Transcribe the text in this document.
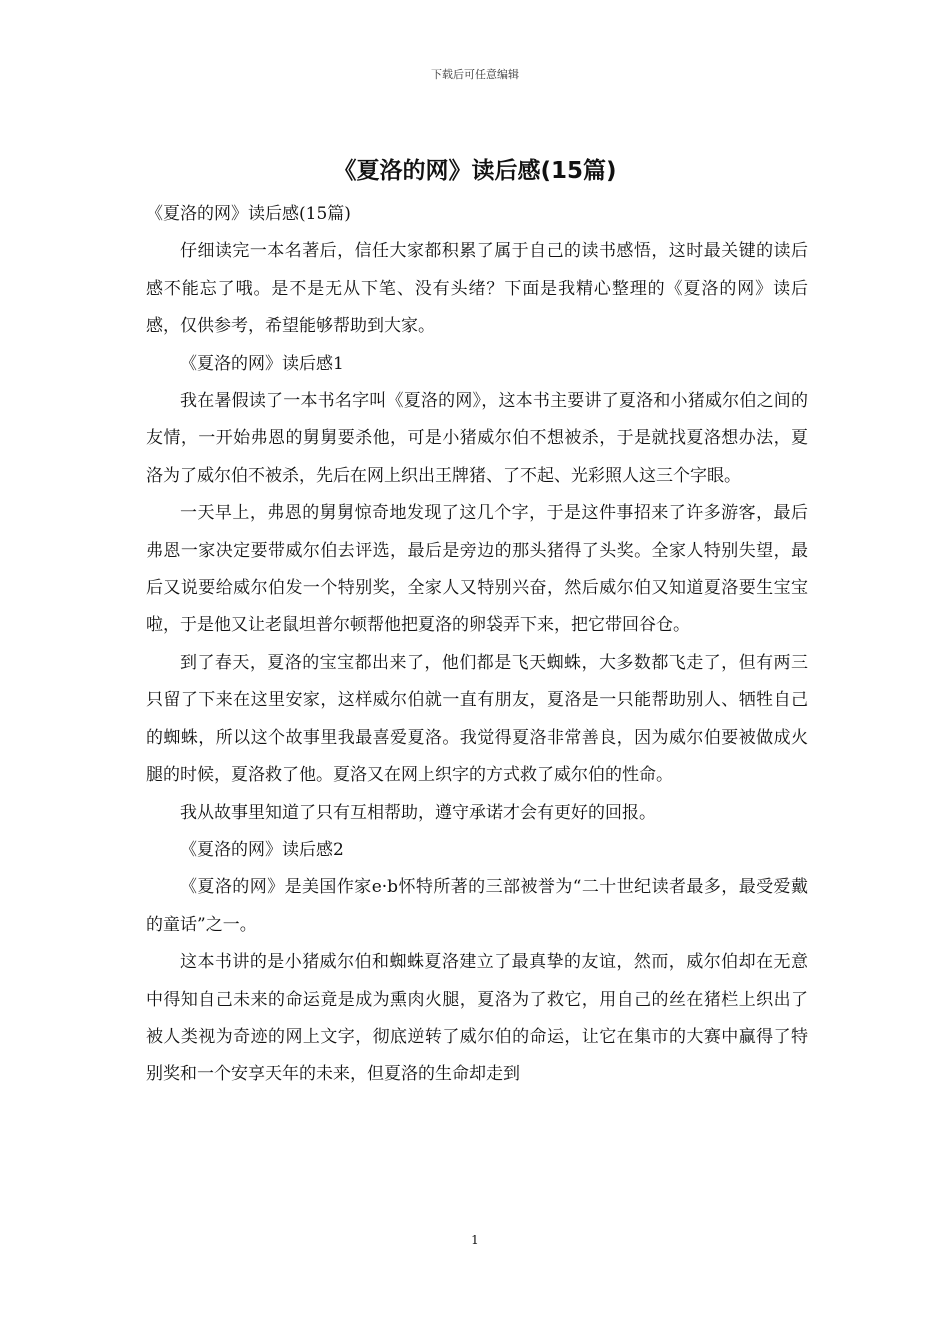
下载后可任意编辑
《夏洛的网》读后感(15篇)

《夏洛的网》读后感(15篇)

仔细读完一本名著后，信任大家都积累了属于自己的读书感悟，这时最关键的读后感不能忘了哦。是不是无从下笔、没有头绪？下面是我精心整理的《夏洛的网》读后感，仅供参考，希望能够帮助到大家。

《夏洛的网》读后感1

我在暑假读了一本书名字叫《夏洛的网》，这本书主要讲了夏洛和小猪威尔伯之间的友情，一开始弗恩的舅舅要杀他，可是小猪威尔伯不想被杀，于是就找夏洛想办法，夏洛为了威尔伯不被杀，先后在网上织出王牌猪、了不起、光彩照人这三个字眼。

一天早上，弗恩的舅舅惊奇地发现了这几个字，于是这件事招来了许多游客，最后弗恩一家决定要带威尔伯去评选，最后是旁边的那头猪得了头奖。全家人特别失望，最后又说要给威尔伯发一个特别奖，全家人又特别兴奋，然后威尔伯又知道夏洛要生宝宝啦，于是他又让老鼠坦普尔顿帮他把夏洛的卵袋弄下来，把它带回谷仓。

到了春天，夏洛的宝宝都出来了，他们都是飞天蜘蛛，大多数都飞走了，但有两三只留了下来在这里安家，这样威尔伯就一直有朋友，夏洛是一只能帮助别人、牺牲自己的蜘蛛，所以这个故事里我最喜爱夏洛。我觉得夏洛非常善良，因为威尔伯要被做成火腿的时候，夏洛救了他。夏洛又在网上织字的方式救了威尔伯的性命。

我从故事里知道了只有互相帮助，遵守承诺才会有更好的回报。

《夏洛的网》读后感2

《夏洛的网》是美国作家e·b怀特所著的三部被誉为“二十世纪读者最多，最受爱戴的童话”之一。

这本书讲的是小猪威尔伯和蜘蛛夏洛建立了最真挚的友谊，然而，威尔伯却在无意中得知自己未来的命运竟是成为熏肉火腿，夏洛为了救它，用自己的丝在猪栏上织出了被人类视为奇迹的网上文字，彻底逆转了威尔伯的命运，让它在集市的大赛中赢得了特别奖和一个安享天年的未来，但夏洛的生命却走到

1
